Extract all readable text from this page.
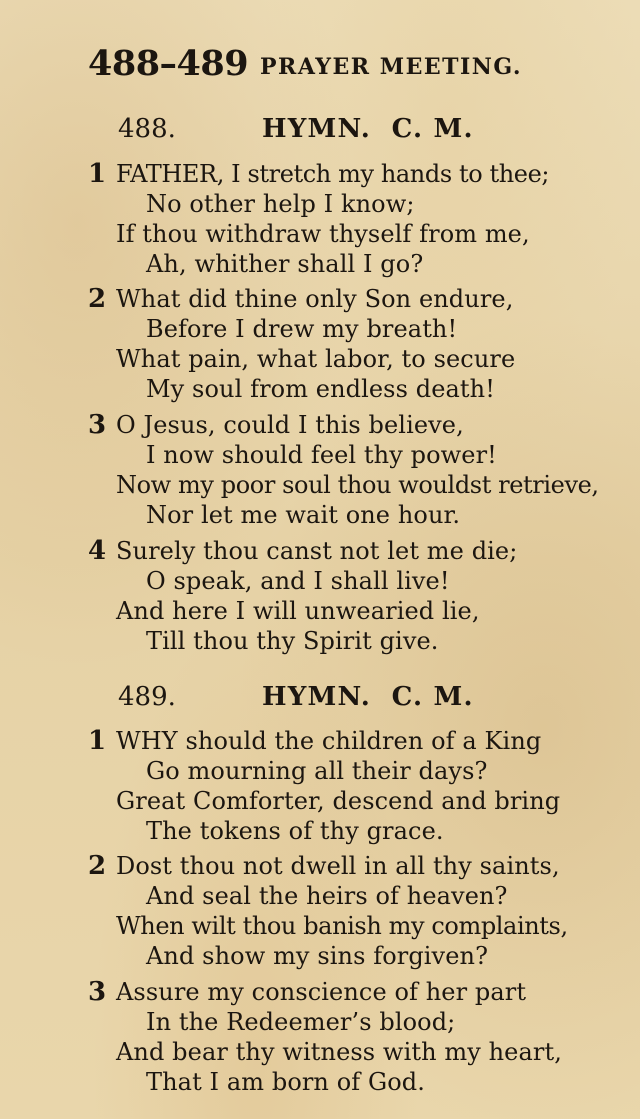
488–489 PRAYER MEETING.
488.	HYMN.  C. M.
1 FATHER, I stretch my hands to thee;
No other help I know;
If thou withdraw thyself from me,
Ah, whither shall I go?
2 What did thine only Son endure,
Before I drew my breath!
What pain, what labor, to secure
My soul from endless death!
3 O Jesus, could I this believe,
I now should feel thy power!
Now my poor soul thou wouldst retrieve,
Nor let me wait one hour.
4 Surely thou canst not let me die;
O speak, and I shall live!
And here I will unwearied lie,
Till thou thy Spirit give.
489.	HYMN.  C. M.
1 WHY should the children of a King
Go mourning all their days?
Great Comforter, descend and bring
The tokens of thy grace.
2 Dost thou not dwell in all thy saints,
And seal the heirs of heaven?
When wilt thou banish my complaints,
And show my sins forgiven?
3 Assure my conscience of her part
In the Redeemer’s blood;
And bear thy witness with my heart,
That I am born of God.
